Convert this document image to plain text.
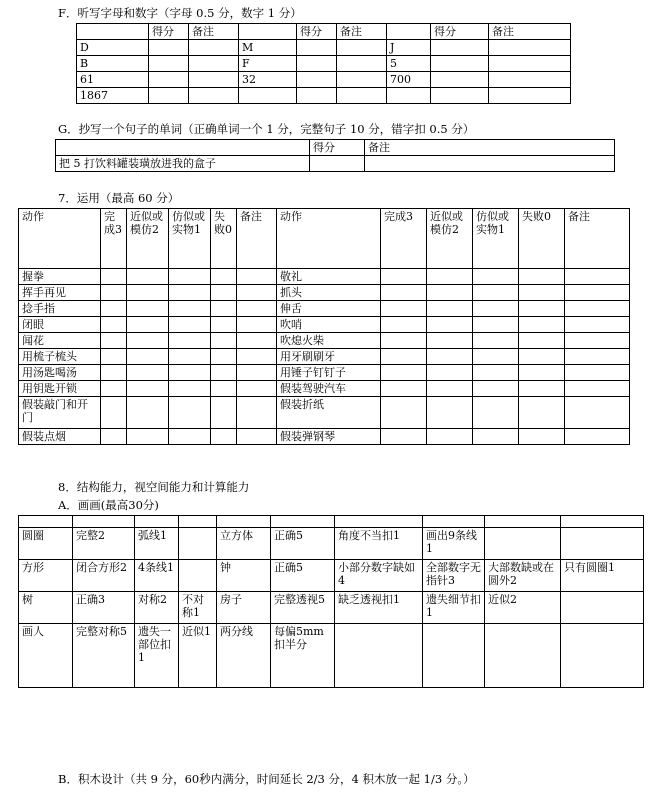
F．听写字母和数字（字母 0.5 分，数字 1 分）
	得分	备注		得分	备注		得分	备注
D			M			J		
B			F			5		
61			32			700		
1867								
G．抄写一个句子的单词（正确单词一个 1 分，完整句子 10 分，错字扣 0.5 分）
	得分	备注
把 5 打饮料罐装璜放进我的盒子		
7．运用（最高 60 分）
动作	完成3	近似或模仿2	仿似或实物1	失败0	备注	动作	完成3	近似或模仿2	仿似或实物1	失败0	备注
握拳						敬礼					
挥手再见						抓头					
捻手指						伸舌					
闭眼						吹哨					
闻花						吹熄火柴					
用梳子梳头						用牙刷刷牙					
用汤匙喝汤						用锤子钉钉子					
用钥匙开锁						假装驾驶汽车					
假装敲门和开门						假装折纸					
假装点烟						假装弹钢琴					
8．结构能力，视空间能力和计算能力
A．画画(最高30分)

圆圈	完整2	弧线1		立方体	正确5	角度不当扣1	画出9条线1		
方形	闭合方形2	4条线1		钟	正确5	小部分数字缺如4	全部数字无指针3	大部数缺或在圆外2	只有圆圈1
树	正确3	对称2	不对称1	房子	完整透视5	缺乏透视扣1	遗失细节扣1	近似2	
画人	完整对称5	遗失一部位扣1	近似1	两分线	每偏5mm扣半分				
B．积木设计（共 9 分，60秒内满分，时间延长 2/3 分，4 积木放一起 1/3 分。）
